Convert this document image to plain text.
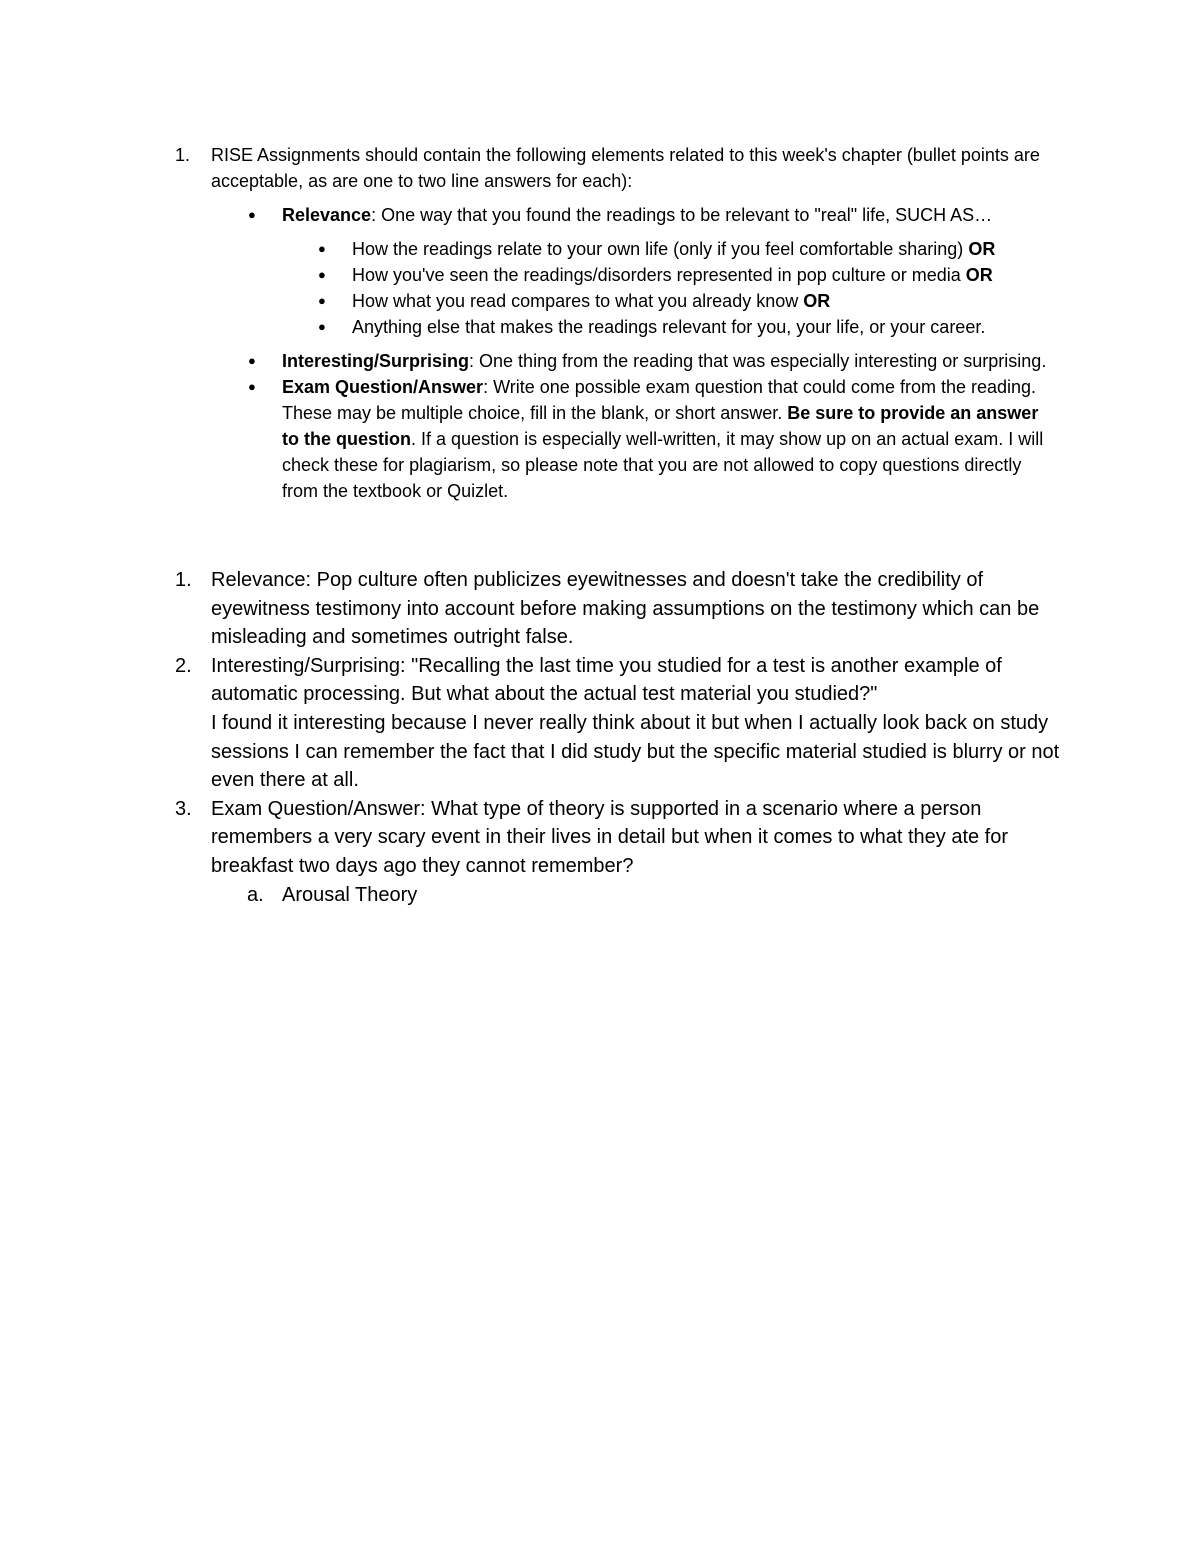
1. RISE Assignments should contain the following elements related to this week's chapter (bullet points are acceptable, as are one to two line answers for each):
● Relevance: One way that you found the readings to be relevant to "real" life, SUCH AS…
● How the readings relate to your own life (only if you feel comfortable sharing) OR
● How you've seen the readings/disorders represented in pop culture or media OR
● How what you read compares to what you already know OR
● Anything else that makes the readings relevant for you, your life, or your career.
● Interesting/Surprising: One thing from the reading that was especially interesting or surprising.
● Exam Question/Answer: Write one possible exam question that could come from the reading. These may be multiple choice, fill in the blank, or short answer. Be sure to provide an answer to the question. If a question is especially well-written, it may show up on an actual exam. I will check these for plagiarism, so please note that you are not allowed to copy questions directly from the textbook or Quizlet.
1. Relevance: Pop culture often publicizes eyewitnesses and doesn't take the credibility of eyewitness testimony into account before making assumptions on the testimony which can be misleading and sometimes outright false.
2. Interesting/Surprising: "Recalling the last time you studied for a test is another example of automatic processing. But what about the actual test material you studied?"
I found it interesting because I never really think about it but when I actually look back on study sessions I can remember the fact that I did study but the specific material studied is blurry or not even there at all.
3. Exam Question/Answer: What type of theory is supported in a scenario where a person remembers a very scary event in their lives in detail but when it comes to what they ate for breakfast two days ago they cannot remember?
a. Arousal Theory
